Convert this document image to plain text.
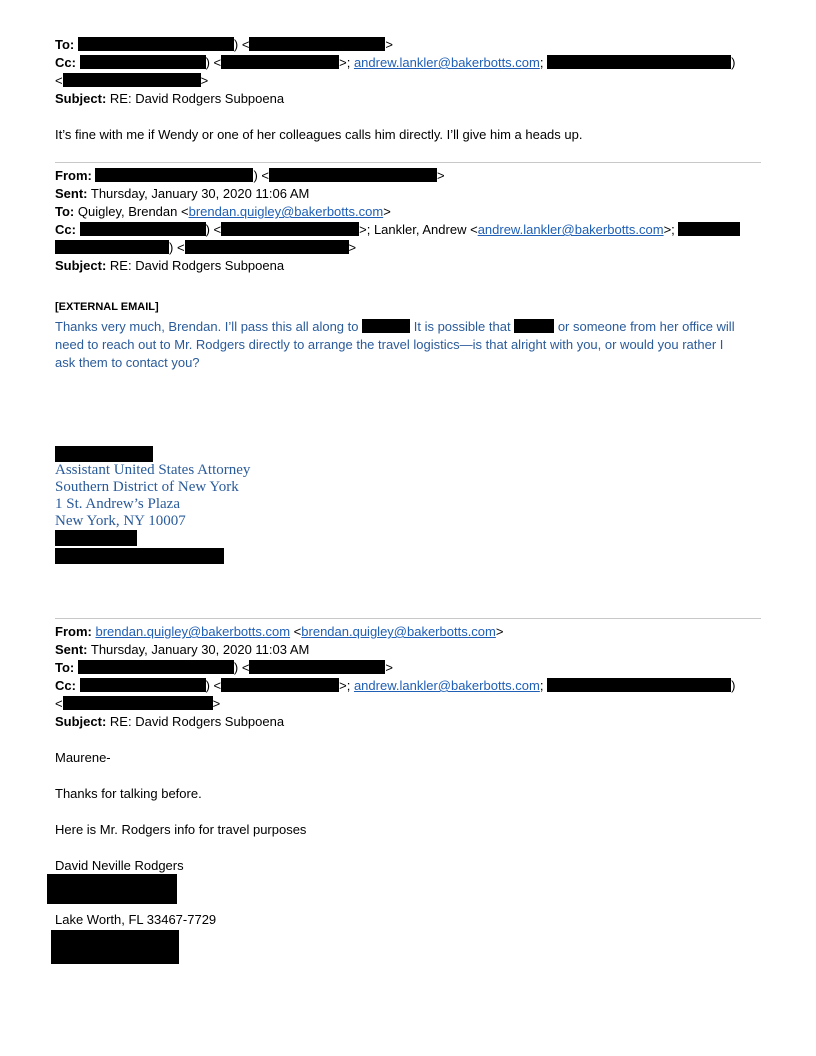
To:	) <	>
Cc:	) <	>; andrew.lankler@bakerbotts.com;	)
<	>
Subject: RE: David Rodgers Subpoena
It’s fine with me if Wendy or one of her colleagues calls him directly. I’ll give him a heads up.
From:	) <	>
Sent: Thursday, January 30, 2020 11:06 AM
To: Quigley, Brendan <brendan.quigley@bakerbotts.com>
Cc:	) <	>; Lankler, Andrew <andrew.lankler@bakerbotts.com>;
) <	>
Subject: RE: David Rodgers Subpoena
[EXTERNAL EMAIL]
Thanks very much, Brendan. I’ll pass this all along to	It is possible that	or someone from her office will
need to reach out to Mr. Rodgers directly to arrange the travel logistics—is that alright with you, or would you rather I
ask them to contact you?
Assistant United States Attorney
Southern District of New York
1 St. Andrew’s Plaza
New York, NY 10007
From: brendan.quigley@bakerbotts.com <brendan.quigley@bakerbotts.com>
Sent: Thursday, January 30, 2020 11:03 AM
To:	) <	>
Cc:	) <	>; andrew.lankler@bakerbotts.com;	)
<	>
Subject: RE: David Rodgers Subpoena
Maurene-
Thanks for talking before.
Here is Mr. Rodgers info for travel purposes
David Neville Rodgers
Lake Worth, FL 33467-7729
